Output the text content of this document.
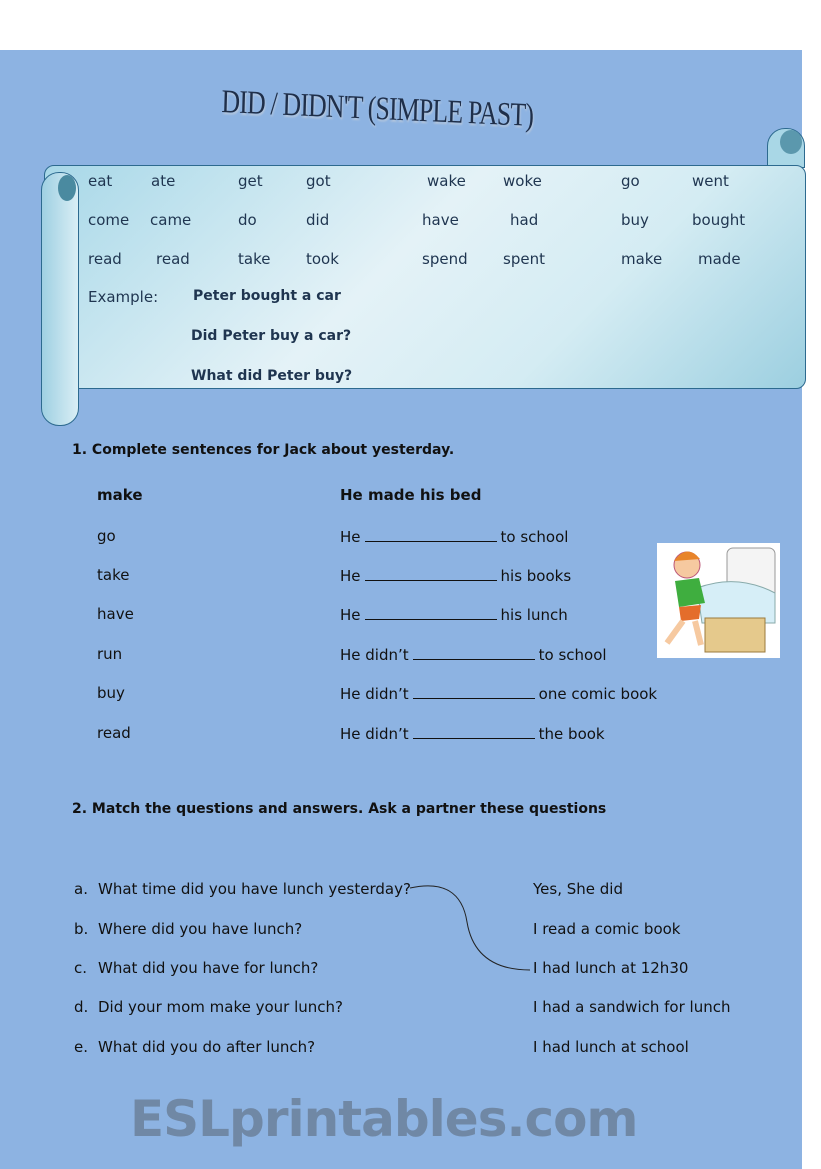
DID / DIDN'T (SIMPLE PAST)
eat	ate	get	got	wake woke	go	went
come came	do	did	have	had	buy	bought
read read	take took	spend spent	make made
Example: Peter bought a car
Did Peter buy a car?
What did Peter buy?
1. Complete sentences for Jack about yesterday.
make	He made his bed
go	He	to school
take	He	his books
have	He	his lunch
run	He didn’t	to school
buy	He didn’t	one comic book
read	He didn’t	the book
2. Match the questions and answers. Ask a partner these questions
a. What time did you have lunch yesterday?	Yes, She did
b. Where did you have lunch?	I read a comic book
c. What did you have for lunch?	I had lunch at 12h30
d. Did your mom make your lunch?	I had a sandwich for lunch
e. What did you do after lunch?	I had lunch at school
ESLprintables.com
